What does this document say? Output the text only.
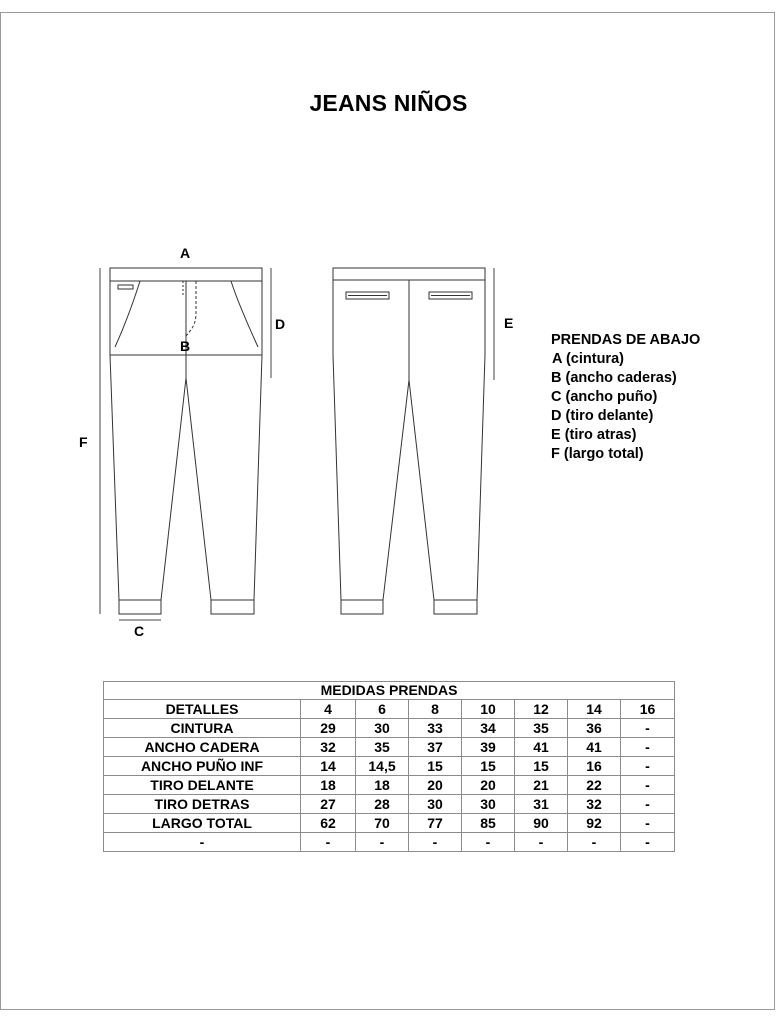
JEANS NIÑOS
A
B
C
D	E
F
PRENDAS DE ABAJO
A (cintura)
B (ancho caderas)
C (ancho puño)
D (tiro delante)
E (tiro atras)
F (largo total)
MEDIDAS PRENDAS							
DETALLES	4	6	8	10	12	14	16
CINTURA	29	30	33	34	35	36	-
ANCHO CADERA	32	35	37	39	41	41	-
ANCHO PUÑO INF	14	14,5	15	15	15	16	-
TIRO DELANTE	18	18	20	20	21	22	-
TIRO DETRAS	27	28	30	30	31	32	-
LARGO TOTAL	62	70	77	85	90	92	-
-	-	-	-	-	-	-	-
